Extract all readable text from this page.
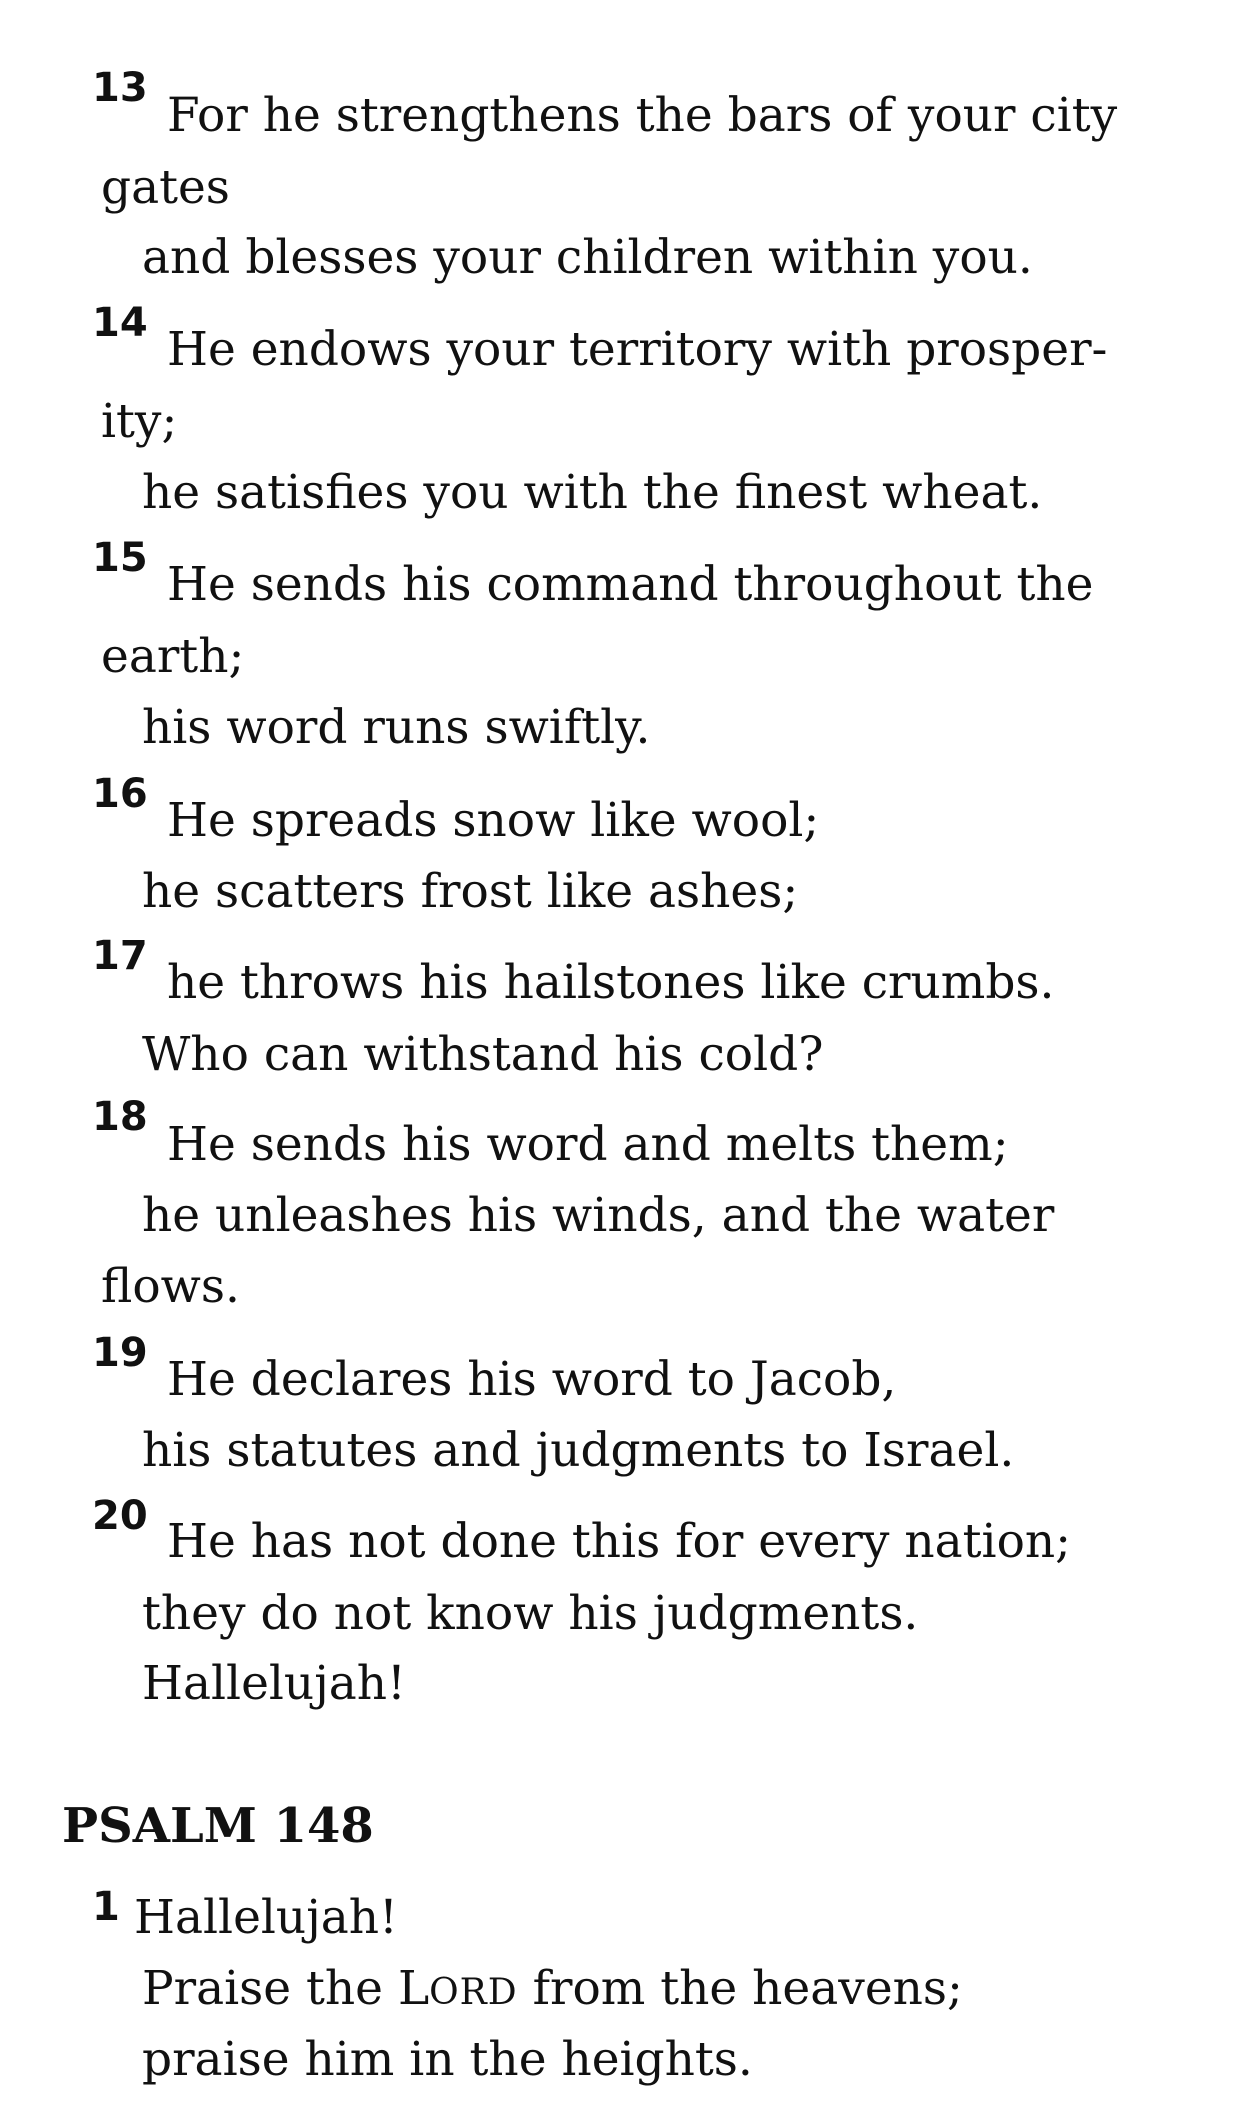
13 For he strengthens the bars of your city
gates
and blesses your children within you.
14 He endows your territory with prosper-
ity;
he satisfies you with the finest wheat.
15 He sends his command throughout the
earth;
his word runs swiftly.
16 He spreads snow like wool;
he scatters frost like ashes;
17 he throws his hailstones like crumbs.
Who can withstand his cold?
18 He sends his word and melts them;
he unleashes his winds, and the water
flows.
19 He declares his word to Jacob,
his statutes and judgments to Israel.
20 He has not done this for every nation;
they do not know his judgments.
Hallelujah!
PSALM 148
1 Hallelujah!
Praise the LORD from the heavens;
praise him in the heights.
